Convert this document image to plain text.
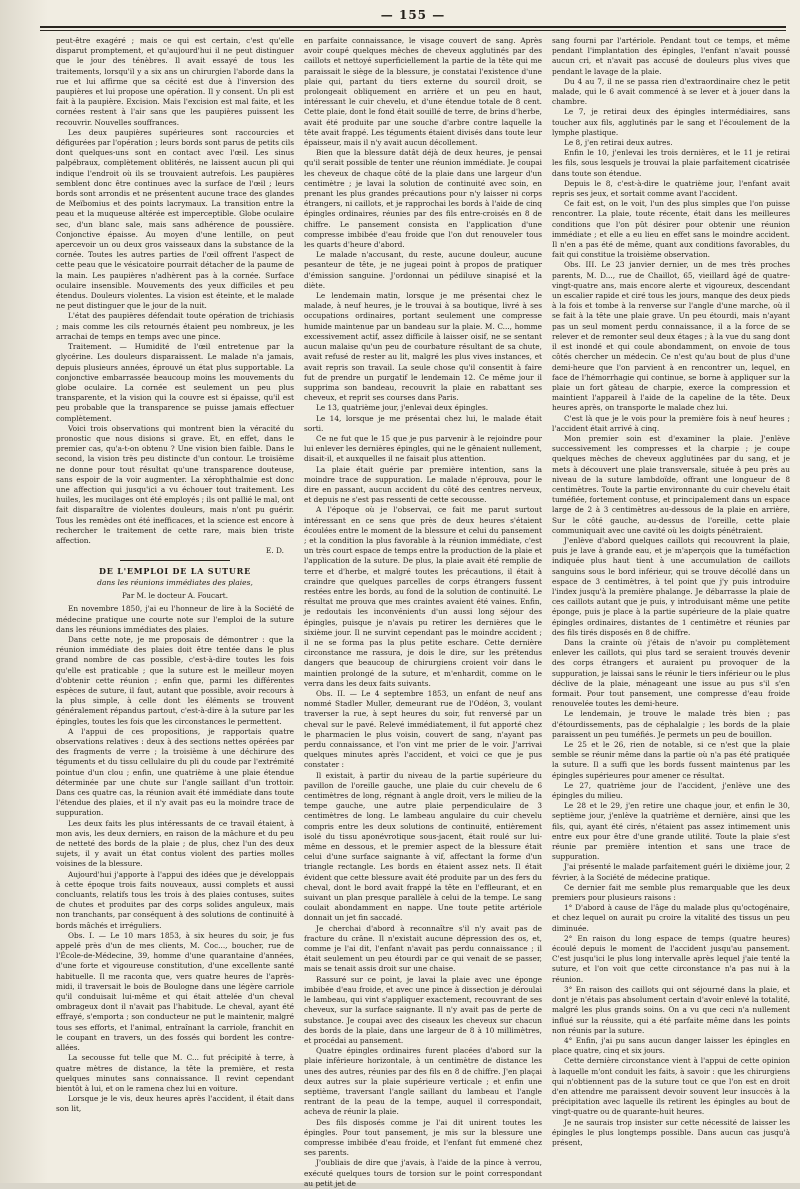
— 155 —

peut-être exagéré ; mais ce qui est certain, c'est qu'elle disparut promptement, et qu'aujourd'hui il ne peut distinguer que le jour des ténèbres. Il avait essayé de tous les traitements, lorsqu'il y a six ans un chirurgien l'aborde dans la rue et lui affirme que sa cécité est due à l'inversion des paupières et lui propose une opération. Il y consent. Un pli est fait à la paupière. Excision. Mais l'excision est mal faite, et les cornées restent à l'air sans que les paupières puissent les recouvrir. Nouvelles souffrances.

Les deux paupières supérieures sont raccourcies et défigurées par l'opération ; leurs bords sont parus de petits cils dont quelques-uns sont en contact avec l'œil. Les sinus palpébraux, complètement oblitérés, ne laissent aucun pli qui indique l'endroit où ils se trouvaient autrefois. Les paupières semblent donc être continues avec la surface de l'œil ; leurs bords sont arrondis et ne présentent aucune trace des glandes de Meïbomius et des points lacrymaux. La transition entre la peau et la muqueuse altérée est imperceptible. Globe oculaire sec, d'un blanc sale, mais sans adhérence de poussière. Conjonctive épaisse. Au moyen d'une lentille, on peut apercevoir un ou deux gros vaisseaux dans la substance de la cornée. Toutes les autres parties de l'œil offrent l'aspect de cette peau que le vésicatoire pourrait détacher de la paume de la main. Les paupières n'adhèrent pas à la cornée. Surface oculaire insensible. Mouvements des yeux difficiles et peu étendus. Douleurs violentes. La vision est éteinte, et le malade ne peut distinguer que le jour de la nuit.

L'état des paupières défendait toute opération de trichiasis ; mais comme les cils retournés étaient peu nombreux, je les arrachai de temps en temps avec une pince.

Traitement. — Humidité de l'œil entretenue par la glycérine. Les douleurs disparaissent. Le malade n'a jamais, depuis plusieurs années, éprouvé un état plus supportable. La conjonctive embarrassée beaucoup moins les mouvements du globe oculaire. La cornée est seulement un peu plus transparente, et la vision qui la couvre est si épaisse, qu'il est peu probable que la transparence se puisse jamais effectuer complètement.

Voici trois observations qui montrent bien la véracité du pronostic que nous disions si grave. Et, en effet, dans le premier cas, qu'a-t-on obtenu ? Une vision bien faible. Dans le second, la vision très peu distincte d'un contour. Le troisième ne donne pour tout résultat qu'une transparence douteuse, sans espoir de la voir augmenter. La xérophthalmie est donc une affection qui jusqu'ici a vu échouer tout traitement. Les huiles, les mucilages ont été employés ; ils ont pallié le mal, ont fait disparaître de violentes douleurs, mais n'ont pu guérir. Tous les remèdes ont été inefficaces, et la science est encore à rechercher le traitement de cette rare, mais bien triste affection.

E. D.
DE L'EMPLOI DE LA SUTURE
dans les réunions immédiates des plaies,
Par M. le docteur A. Foucart.

En novembre 1850, j'ai eu l'honneur de lire à la Société de médecine pratique une courte note sur l'emploi de la suture dans les réunions immédiates des plaies.

Dans cette note, je me proposais de démontrer : que la réunion immédiate des plaies doit être tentée dans le plus grand nombre de cas possible, c'est-à-dire toutes les fois qu'elle est praticable ; que la suture est le meilleur moyen d'obtenir cette réunion ; enfin que, parmi les différentes espèces de suture, il faut, autant que possible, avoir recours à la plus simple, à celle dont les éléments se trouvent généralement répandus partout, c'est-à-dire à la suture par les épingles, toutes les fois que les circonstances le permettent.

A l'appui de ces propositions, je rapportais quatre observations relatives : deux à des sections nettes opérées par des fragments de verre ; la troisième à une déchirure des téguments et du tissu cellulaire du pli du coude par l'extrémité pointue d'un clou ; enfin, une quatrième à une plaie étendue déterminée par une chute sur l'angle saillant d'un trottoir. Dans ces quatre cas, la réunion avait été immédiate dans toute l'étendue des plaies, et il n'y avait pas eu la moindre trace de suppuration.

Les deux faits les plus intéressants de ce travail étaient, à mon avis, les deux derniers, en raison de la mâchure et du peu de netteté des bords de la plaie ; de plus, chez l'un des deux sujets, il y avait un état contus violent des parties molles voisines de la blessure.

Aujourd'hui j'apporte à l'appui des idées que je développais à cette époque trois faits nouveaux, aussi complets et aussi concluants, relatifs tous les trois à des plaies contuses, suites de chutes et produites par des corps solides anguleux, mais non tranchants, par conséquent à des solutions de continuité à bords mâchés et irréguliers.

Obs. I. — Le 10 mars 1853, à six heures du soir, je fus appelé près d'un de mes clients, M. Coc..., boucher, rue de l'École-de-Médecine, 39, homme d'une quarantaine d'années, d'une forte et vigoureuse constitution, d'une excellente santé habituelle. Il me raconta que, vers quatre heures de l'après-midi, il traversait le bois de Boulogne dans une légère carriole qu'il conduisait lui-même et qui était attelée d'un cheval ombrageux dont il n'avait pas l'habitude. Le cheval, ayant été effrayé, s'emporta ; son conducteur ne put le maintenir, malgré tous ses efforts, et l'animal, entraînant la carriole, franchit en le coupant en travers, un des fossés qui bordent les contre-allées.

La secousse fut telle que M. C... fut précipité à terre, à quatre mètres de distance, la tête la première, et resta quelques minutes sans connaissance. Il revint cependant bientôt à lui, et on le ramena chez lui en voiture.

Lorsque je le vis, deux heures après l'accident, il était dans son lit,

en parfaite connaissance, le visage couvert de sang. Après avoir coupé quelques mèches de cheveux agglutinés par des caillots et nettoyé superficiellement la partie de la tête qui me paraissait le siège de la blessure, je constatai l'existence d'une plaie qui, partant du tiers externe du sourcil droit, se prolongeait obliquement en arrière et un peu en haut, intéressant le cuir chevelu, et d'une étendue totale de 8 cent. Cette plaie, dont le fond était souillé de terre, de brins d'herbe, avait été produite par une souche d'arbre contre laquelle la tête avait frappé. Les téguments étaient divisés dans toute leur épaisseur, mais il n'y avait aucun décollement.

Bien que la blessure datât déjà de deux heures, je pensai qu'il serait possible de tenter une réunion immédiate. Je coupai les cheveux de chaque côté de la plaie dans une largeur d'un centimètre ; je lavai la solution de continuité avec soin, en prenant les plus grandes précautions pour n'y laisser ni corps étrangers, ni caillots, et je rapprochai les bords à l'aide de cinq épingles ordinaires, réunies par des fils entre-croisés en 8 de chiffre. Le pansement consista en l'application d'une compresse imbibée d'eau froide que l'on dut renouveler tous les quarts d'heure d'abord.

Le malade n'accusant, du reste, aucune douleur, aucune pesanteur de tête, je ne jugeai point à propos de pratiquer d'émission sanguine. J'ordonnai un pédiluve sinapisé et la diète.

Le lendemain matin, lorsque je me présentai chez le malade, à neuf heures, je le trouvai à sa boutique, livré à ses occupations ordinaires, portant seulement une compresse humide maintenue par un bandeau sur la plaie. M. C..., homme excessivement actif, assez difficile à laisser oisif, ne se sentant aucun malaise qu'un peu de courbature résultant de sa chute, avait refusé de rester au lit, malgré les plus vives instances, et avait repris son travail. La seule chose qu'il consentit à faire fut de prendre un purgatif le lendemain 12. Ce même jour il supprima son bandeau, recouvrit la plaie en rabattant ses cheveux, et reprit ses courses dans Paris.

Le 13, quatrième jour, j'enlevai deux épingles.

Le 14, lorsque je me présentai chez lui, le malade était sorti.

Ce ne fut que le 15 que je pus parvenir à le rejoindre pour lui enlever les dernières épingles, qui ne le gênaient nullement, disait-il, et auxquelles il ne faisait plus attention.

La plaie était guérie par première intention, sans la moindre trace de suppuration. Le malade n'éprouva, pour le dire en passant, aucun accident du côté des centres nerveux, et depuis ne s'est pas ressenti de cette secousse.

A l'époque où je l'observai, ce fait me parut surtout intéressant en ce sens que près de deux heures s'étaient écoulées entre le moment de la blessure et celui du pansement ; et la condition la plus favorable à la réunion immédiate, c'est un très court espace de temps entre la production de la plaie et l'application de la suture. De plus, la plaie avait été remplie de terre et d'herbe, et malgré toutes les précautions, il était à craindre que quelques parcelles de corps étrangers fussent restées entre les bords, au fond de la solution de continuité. Le résultat me prouva que mes craintes avaient été vaines. Enfin, je redoutais les inconvénients d'un aussi long séjour des épingles, puisque je n'avais pu retirer les dernières que le sixième jour. Il ne survint cependant pas le moindre accident ; il ne se forma pas la plus petite eschare. Cette dernière circonstance me rassura, je dois le dire, sur les prétendus dangers que beaucoup de chirurgiens croient voir dans le maintien prolongé de la suture, et m'enhardit, comme on le verra dans les deux faits suivants.

Obs. II. — Le 4 septembre 1853, un enfant de neuf ans nommé Stadler Muller, demeurant rue de l'Odéon, 3, voulant traverser la rue, à sept heures du soir, fut renversé par un cheval sur le pavé. Relevé immédiatement, il fut apporté chez le pharmacien le plus voisin, couvert de sang, n'ayant pas perdu connaissance, et l'on vint me prier de le voir. J'arrivai quelques minutes après l'accident, et voici ce que je pus constater :

Il existait, à partir du niveau de la partie supérieure du pavillon de l'oreille gauche, une plaie du cuir chevelu de 6 centimètres de long, régnant à angle droit, vers le milieu de la tempe gauche, une autre plaie perpendiculaire de 3 centimètres de long. Le lambeau angulaire du cuir chevelu compris entre les deux solutions de continuité, entièrement isolé du tissu aponévrotique sous-jacent, était roulé sur lui-même en dessous, et le premier aspect de la blessure était celui d'une surface saignante à vif, affectant la forme d'un triangle rectangle. Les bords en étaient assez nets. Il était évident que cette blessure avait été produite par un des fers du cheval, dont le bord avait frappé la tête en l'effleurant, et en suivant un plan presque parallèle à celui de la tempe. Le sang coulait abondamment en nappe. Une toute petite artériole donnait un jet fin saccadé.

Je cherchai d'abord à reconnaître s'il n'y avait pas de fracture du crâne. Il n'existait aucune dépression des os, et, comme je l'ai dit, l'enfant n'avait pas perdu connaissance ; il était seulement un peu étourdi par ce qui venait de se passer, mais se tenait assis droit sur une chaise.

Rassuré sur ce point, je lavai la plaie avec une éponge imbibée d'eau froide, et avec une pince à dissection je déroulai le lambeau, qui vint s'appliquer exactement, recouvrant de ses cheveux, sur la surface saignante. Il n'y avait pas de perte de substance. Je coupai avec des ciseaux les cheveux sur chacun des bords de la plaie, dans une largeur de 8 à 10 millimètres, et procédai au pansement.

Quatre épingles ordinaires furent placées d'abord sur la plaie inférieure horizontale, à un centimètre de distance les unes des autres, réunies par des fils en 8 de chiffre. J'en plaçai deux autres sur la plaie supérieure verticale ; et enfin une septième, traversant l'angle saillant du lambeau et l'angle rentrant de la peau de la tempe, auquel il correspondait, acheva de réunir la plaie.

Des fils disposés comme je l'ai dit unirent toutes les épingles. Pour tout pansement, je mis sur la blessure une compresse imbibée d'eau froide, et l'enfant fut emmené chez ses parents.

J'oubliais de dire que j'avais, à l'aide de la pince à verrou, exécuté quelques tours de torsion sur le point correspondant au petit jet de

sang fourni par l'artériole. Pendant tout ce temps, et même pendant l'implantation des épingles, l'enfant n'avait poussé aucun cri, et n'avait pas accusé de douleurs plus vives que pendant le lavage de la plaie.

Du 4 au 7, il ne se passa rien d'extraordinaire chez le petit malade, qui le 6 avait commencé à se lever et à jouer dans la chambre.

Le 7, je retirai deux des épingles intermédiaires, sans toucher aux fils, agglutinés par le sang et l'écoulement de la lymphe plastique.

Le 8, j'en retirai deux autres.

Enfin le 10, j'enlevai les trois dernières, et le 11 je retirai les fils, sous lesquels je trouvai la plaie parfaitement cicatrisée dans toute son étendue.

Depuis le 8, c'est-à-dire le quatrième jour, l'enfant avait repris ses jeux, et sortait comme avant l'accident.

Ce fait est, on le voit, l'un des plus simples que l'on puisse rencontrer. La plaie, toute récente, était dans les meilleures conditions que l'on pût désirer pour obtenir une réunion immédiate ; et elle a eu lieu en effet sans le moindre accident. Il n'en a pas été de même, quant aux conditions favorables, du fait qui constitue la troisième observation.

Obs. III. Le 23 janvier dernier, un de mes très proches parents, M. D..., rue de Chaillot, 65, vieillard âgé de quatre-vingt-quatre ans, mais encore alerte et vigoureux, descendant un escalier rapide et ciré tous les jours, manque des deux pieds à la fois et tombe à la renverse sur l'angle d'une marche, où il se fait à la tête une plaie grave. Un peu étourdi, mais n'ayant pas un seul moment perdu connaissance, il a la force de se relever et de remonter seul deux étages ; à la vue du sang dont il est inondé et qui coule abondamment, on envoie de tous côtés chercher un médecin. Ce n'est qu'au bout de plus d'une demi-heure que l'on parvient à en rencontrer un, lequel, en face de l'hémorrhagie qui continue, se borne à appliquer sur la plaie un fort gâteau de charpie, exerce la compression et maintient l'appareil à l'aide de la capeline de la tête. Deux heures après, on transporte le malade chez lui.

C'est là que je le vois pour la première fois à neuf heures ; l'accident était arrivé à cinq.

Mon premier soin est d'examiner la plaie. J'enlève successivement les compresses et la charpie ; je coupe quelques mèches de cheveux agglutinées par du sang, et je mets à découvert une plaie transversale, située à peu près au niveau de la suture lambdoïde, offrant une longueur de 8 centimètres. Toute la partie environnante du cuir chevelu était tuméfiée, fortement contuse, et principalement dans un espace large de 2 à 3 centimètres au-dessous de la plaie en arrière, Sur le côté gauche, au-dessus de l'oreille, cette plaie communiquait avec une cavité où les doigts pénétraient.

J'enlève d'abord quelques caillots qui recouvrent la plaie, puis je lave à grande eau, et je m'aperçois que la tuméfaction indiquée plus haut tient à une accumulation de caillots sanguins sous le bord inférieur, qui se trouve décollé dans un espace de 3 centimètres, à tel point que j'y puis introduire l'index jusqu'à la première phalange. Je débarrasse la plaie de ces caillots autant que je puis, y introduisant même une petite éponge, puis je place à la partie supérieure de la plaie quatre épingles ordinaires, distantes de 1 centimètre et réunies par des fils tirés disposés en 8 de chiffre.

Dans la crainte où j'étais de n'avoir pu complètement enlever les caillots, qui plus tard se seraient trouvés devenir des corps étrangers et auraient pu provoquer de la suppuration, je laissai sans le réunir le tiers inférieur ou le plus déclive de la plaie, ménageant une issue au pus s'il s'en formait. Pour tout pansement, une compresse d'eau froide renouvelée toutes les demi-heure.

Le lendemain, je trouve le malade très bien ; pas d'étourdissements, pas de céphalalgie ; les bords de la plaie paraissent un peu tuméfiés. Je permets un peu de bouillon.

Le 25 et le 26, rien de notable, si ce n'est que la plaie semble se réunir même dans la partie où n'a pas été pratiquée la suture. Il a suffi que les bords fussent maintenus par les épingles supérieures pour amener ce résultat.

Le 27, quatrième jour de l'accident, j'enlève une des épingles du milieu.

Le 28 et le 29, j'en retire une chaque jour, et enfin le 30, septième jour, j'enlève la quatrième et dernière, ainsi que les fils, qui, ayant été cirés, n'étaient pas assez intimement unis entre eux pour être d'une grande utilité. Toute la plaie s'est réunie par première intention et sans une trace de suppuration.

J'ai présenté le malade parfaitement guéri le dixième jour, 2 février, à la Société de médecine pratique.

Ce dernier fait me semble plus remarquable que les deux premiers pour plusieurs raisons :

1° D'abord à cause de l'âge du malade plus qu'octogénaire, et chez lequel on aurait pu croire la vitalité des tissus un peu diminuée.

2° En raison du long espace de temps (quatre heures) écoulé depuis le moment de l'accident jusqu'au pansement. C'est jusqu'ici le plus long intervalle après lequel j'aie tenté la suture, et l'on voit que cette circonstance n'a pas nui à la réunion.

3° En raison des caillots qui ont séjourné dans la plaie, et dont je n'étais pas absolument certain d'avoir enlevé la totalité, malgré les plus grands soins. On a vu que ceci n'a nullement influé sur la réussite, qui a été parfaite même dans les points non réunis par la suture.

4° Enfin, j'ai pu sans aucun danger laisser les épingles en place quatre, cinq et six jours.

Cette dernière circonstance vient à l'appui de cette opinion à laquelle m'ont conduit les faits, à savoir : que les chirurgiens qui n'obtiennent pas de la suture tout ce que l'on est en droit d'en attendre me paraissent devoir souvent leur insuccès à la précipitation avec laquelle ils retirent les épingles au bout de vingt-quatre ou de quarante-huit heures.

Je ne saurais trop insister sur cette nécessité de laisser les épingles le plus longtemps possible. Dans aucun cas jusqu'à présent,
